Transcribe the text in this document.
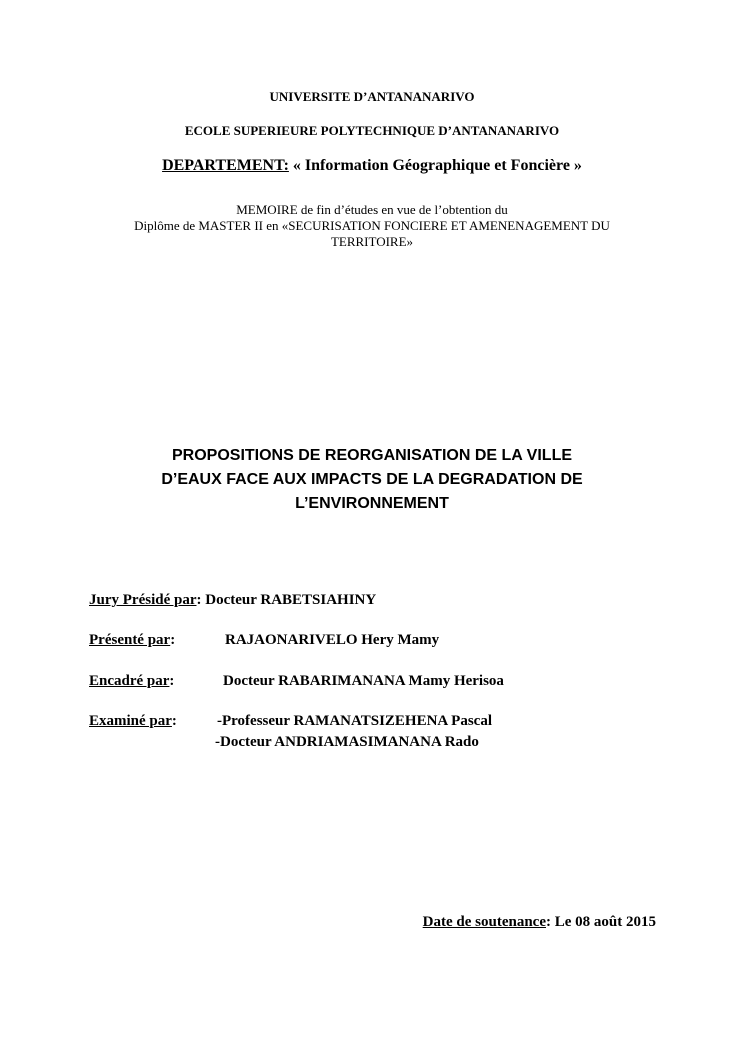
UNIVERSITE D’ANTANANARIVO
ECOLE SUPERIEURE POLYTECHNIQUE D’ANTANANARIVO
DEPARTEMENT: « Information Géographique et Foncière »
MEMOIRE de fin d’études en vue de l’obtention du
Diplôme de MASTER II en «SECURISATION FONCIERE ET AMENENAGEMENT DU
TERRITOIRE»
PROPOSITIONS DE REORGANISATION DE LA VILLE
D’EAUX FACE AUX IMPACTS DE LA DEGRADATION DE
L’ENVIRONNEMENT
Jury Présidé par: Docteur RABETSIAHINY
Présenté par:	RAJAONARIVELO Hery Mamy
Encadré par:	Docteur RABARIMANANA Mamy Herisoa
Examiné par:	-Professeur RAMANATSIZEHENA Pascal
-Docteur ANDRIAMASIMANANA Rado
Date de soutenance: Le 08 août 2015
